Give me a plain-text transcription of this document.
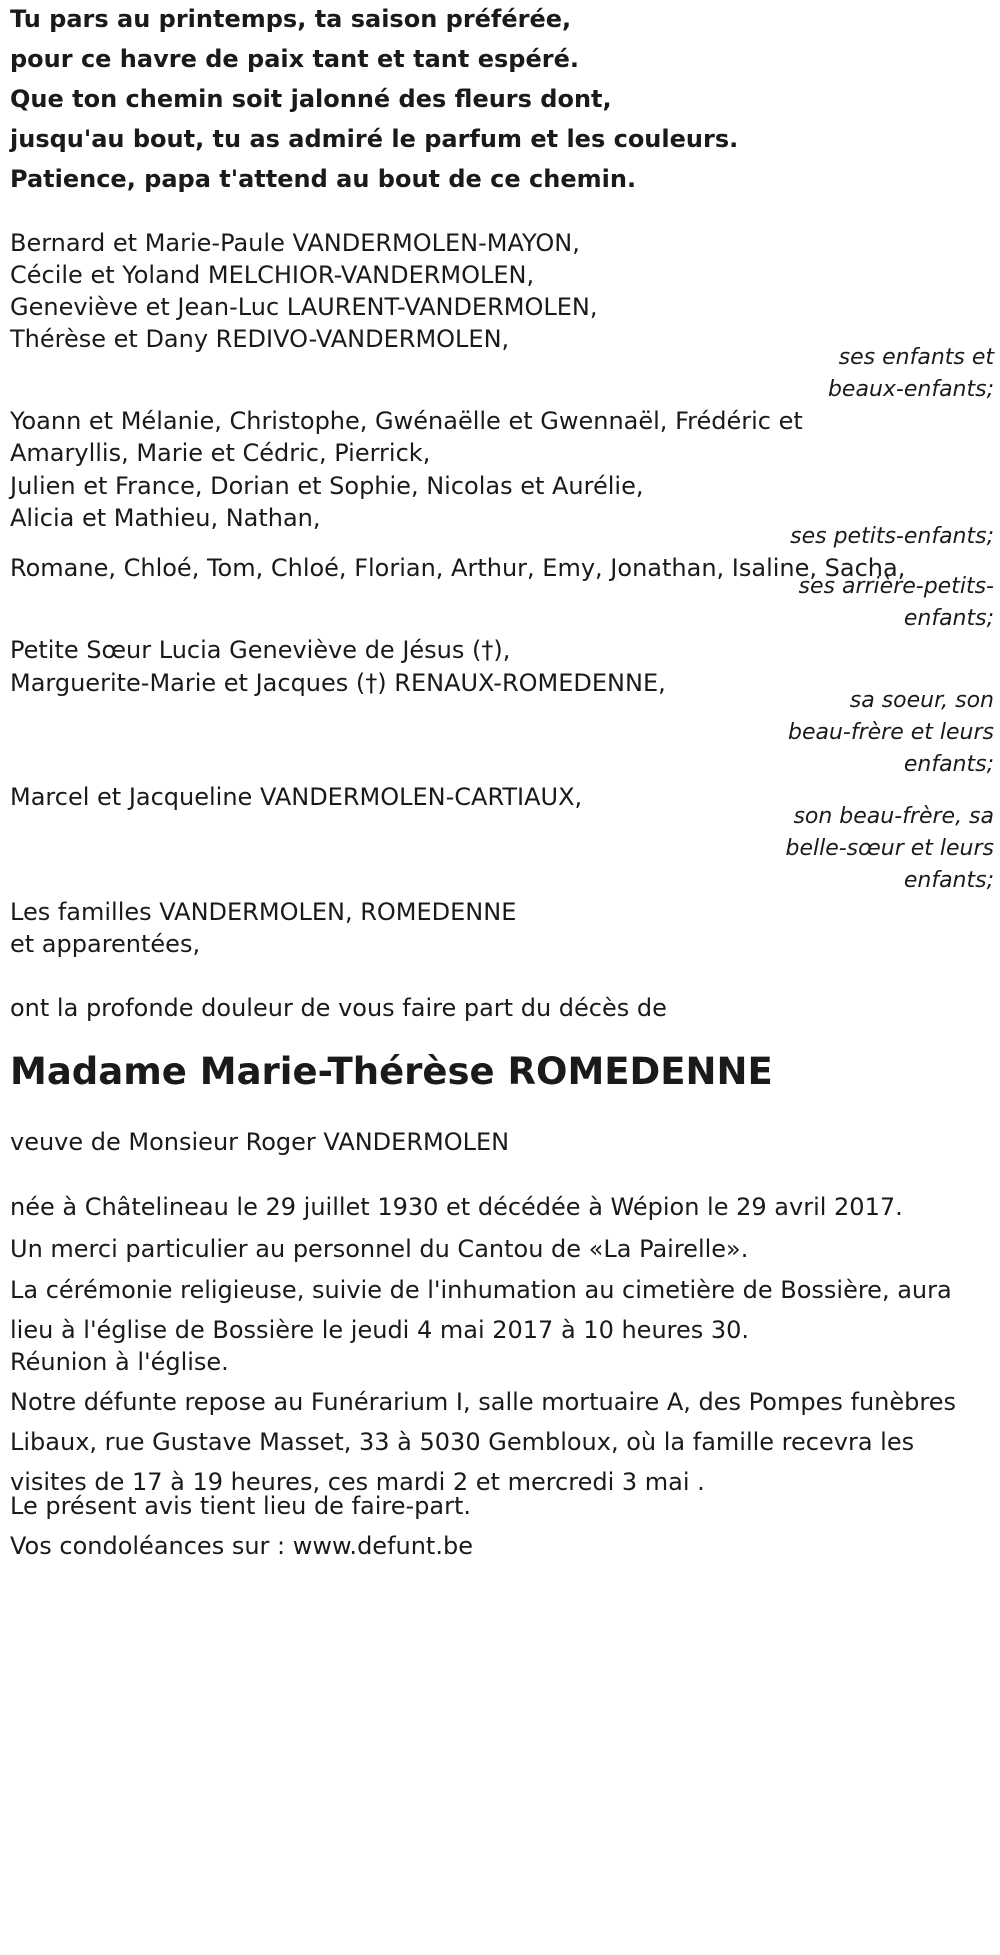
Tu pars au printemps, ta saison préférée,

pour ce havre de paix tant et tant espéré.

Que ton chemin soit jalonné des fleurs dont,

jusqu'au bout, tu as admiré le parfum et les couleurs.

Patience, papa t'attend au bout de ce chemin.

Bernard et Marie-Paule VANDERMOLEN-MAYON,

Cécile et Yoland MELCHIOR-VANDERMOLEN,

Geneviève et Jean-Luc LAURENT-VANDERMOLEN,

Thérèse et Dany REDIVO-VANDERMOLEN,

ses enfants et

beaux-enfants;

Yoann et Mélanie, Christophe, Gwénaëlle et Gwennaël, Frédéric et

Amaryllis, Marie et Cédric, Pierrick,

Julien et France, Dorian et Sophie, Nicolas et Aurélie,

Alicia et Mathieu, Nathan,

ses petits-enfants;

Romane, Chloé, Tom, Chloé, Florian, Arthur, Emy, Jonathan, Isaline, Sacha,

ses arrière-petits-

enfants;

Petite Sœur Lucia Geneviève de Jésus (†),

Marguerite-Marie et Jacques (†) RENAUX-ROMEDENNE,

sa soeur, son

beau-frère et leurs

enfants;

Marcel et Jacqueline VANDERMOLEN-CARTIAUX,

son beau-frère, sa

belle-sœur et leurs

enfants;

Les familles VANDERMOLEN, ROMEDENNE

et apparentées,

ont la profonde douleur de vous faire part du décès de

Madame Marie-Thérèse ROMEDENNE

veuve de Monsieur Roger VANDERMOLEN

née à Châtelineau le 29 juillet 1930 et décédée à Wépion le 29 avril 2017.

Un merci particulier au personnel du Cantou de «La Pairelle».

La cérémonie religieuse, suivie de l'inhumation au cimetière de Bossière, aura lieu à l'église de Bossière le jeudi 4 mai 2017 à 10 heures 30.

Réunion à l'église.

Notre défunte repose au Funérarium I, salle mortuaire A, des Pompes funèbres Libaux, rue Gustave Masset, 33 à 5030 Gembloux, où la famille recevra les visites de 17 à 19 heures, ces mardi 2 et mercredi 3 mai .

Le présent avis tient lieu de faire-part.

Vos condoléances sur : www.defunt.be
